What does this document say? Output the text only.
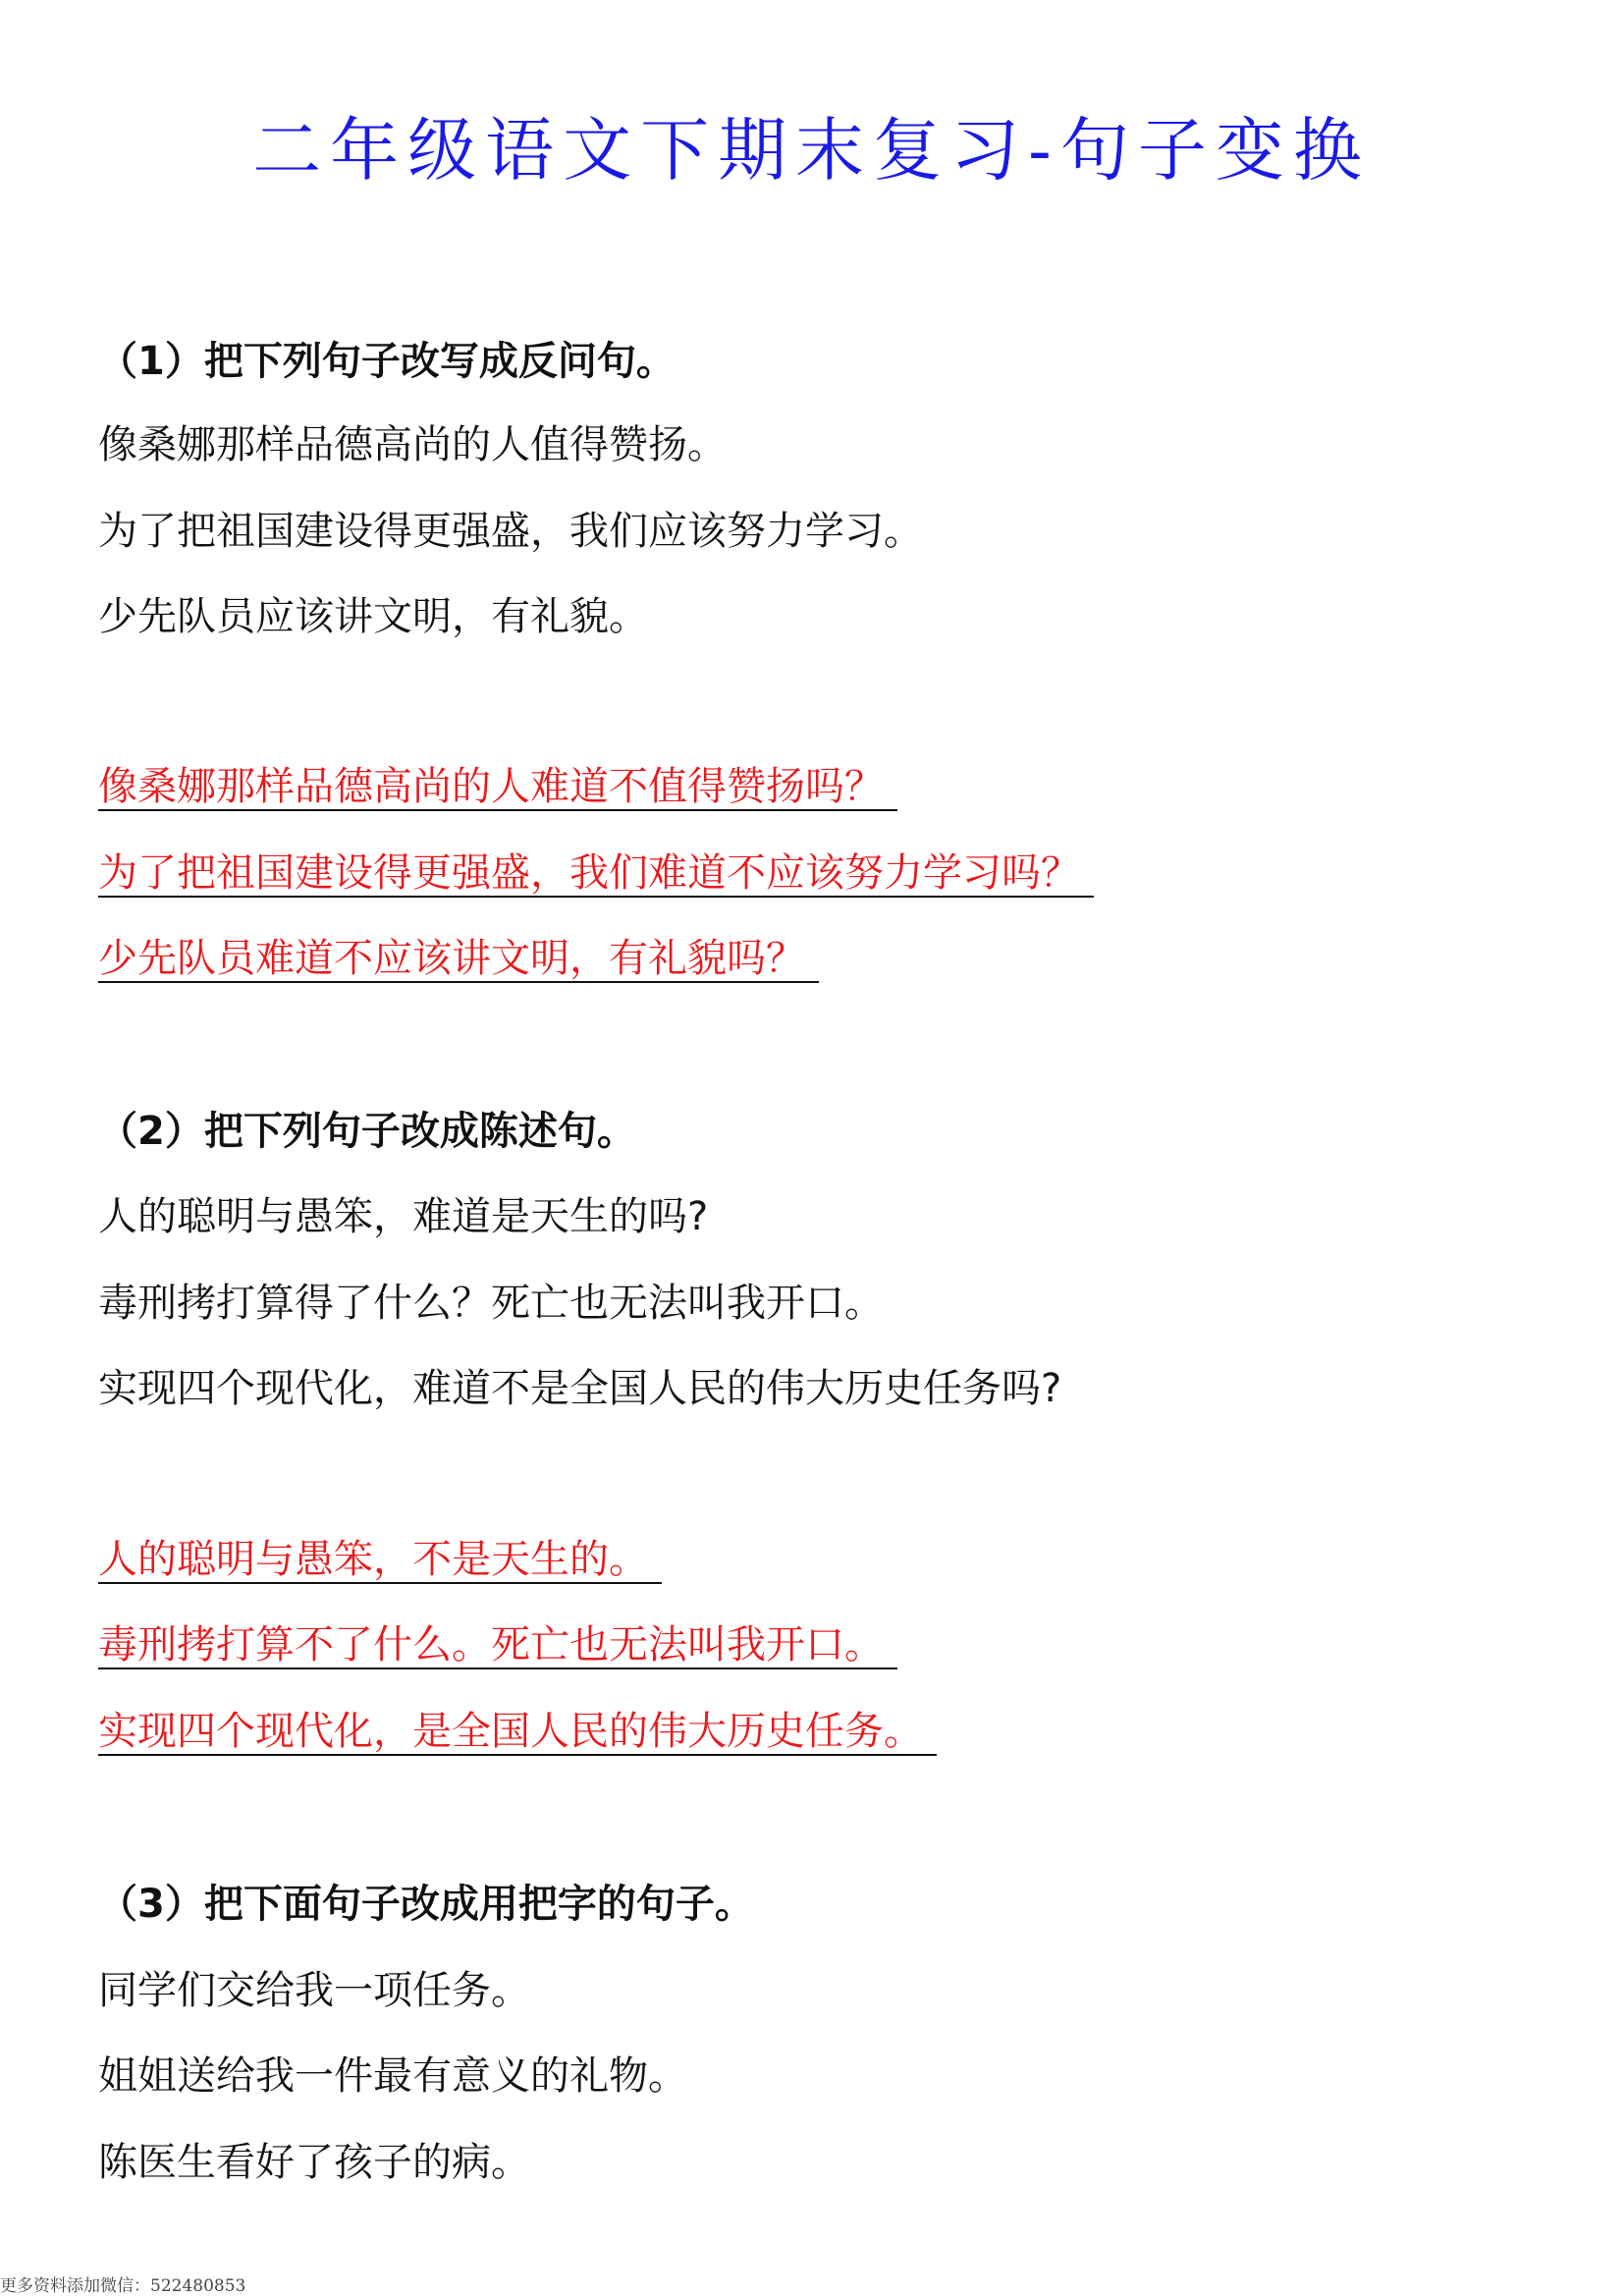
二年级语文下期末复习-句子变换
（1）把下列句子改写成反问句。
像桑娜那样品德高尚的人值得赞扬。
为了把祖国建设得更强盛，我们应该努力学习。
少先队员应该讲文明，有礼貌。
像桑娜那样品德高尚的人难道不值得赞扬吗？
为了把祖国建设得更强盛，我们难道不应该努力学习吗？
少先队员难道不应该讲文明，有礼貌吗？
（2）把下列句子改成陈述句。
人的聪明与愚笨，难道是天生的吗?
毒刑拷打算得了什么？死亡也无法叫我开口。
实现四个现代化，难道不是全国人民的伟大历史任务吗?
人的聪明与愚笨，不是天生的。
毒刑拷打算不了什么。死亡也无法叫我开口。
实现四个现代化，是全国人民的伟大历史任务。
（3）把下面句子改成用把字的句子。
同学们交给我一项任务。
姐姐送给我一件最有意义的礼物。
陈医生看好了孩子的病。
更多资料添加微信：522480853
